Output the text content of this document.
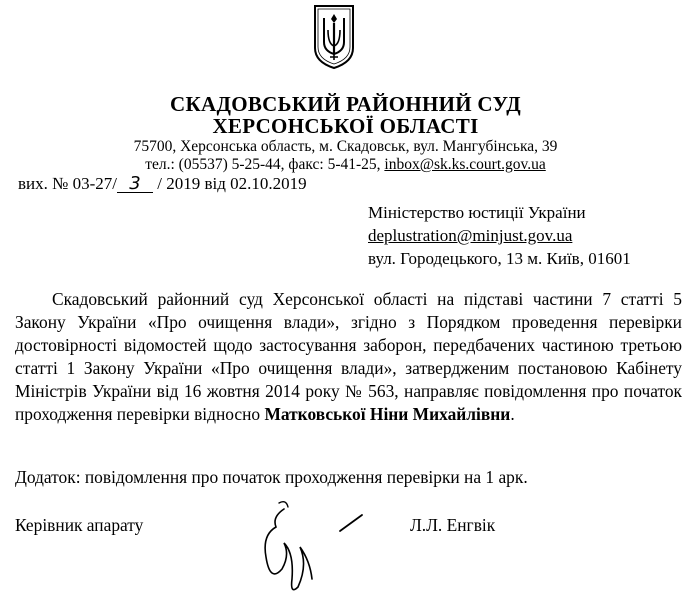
СКАДОВСЬКИЙ РАЙОННИЙ СУД
ХЕРСОНСЬКОЇ ОБЛАСТІ
75700, Херсонська область, м. Скадовськ, вул. Мангубінська, 39
тел.: (05537) 5-25-44, факс: 5-41-25, inbox@sk.ks.court.gov.ua
вих. № 03-27/ 3 / 2019 від 02.10.2019
Міністерство юстиції України
deplustration@minjust.gov.ua
вул. Городецького, 13 м. Київ, 01601
Скадовський районний суд Херсонської області на підставі частини 7 статті 5 Закону України «Про очищення влади», згідно з Порядком проведення перевірки достовірності відомостей щодо застосування заборон, передбачених частиною третьою статті 1 Закону України «Про очищення влади», затвердженим постановою Кабінету Міністрів України від 16 жовтня 2014 року № 563, направляє повідомлення про початок проходження перевірки відносно Матковської Ніни Михайлівни.
Додаток: повідомлення про початок проходження перевірки на 1 арк.
Керівник апарату	Л.Л. Енгвік
